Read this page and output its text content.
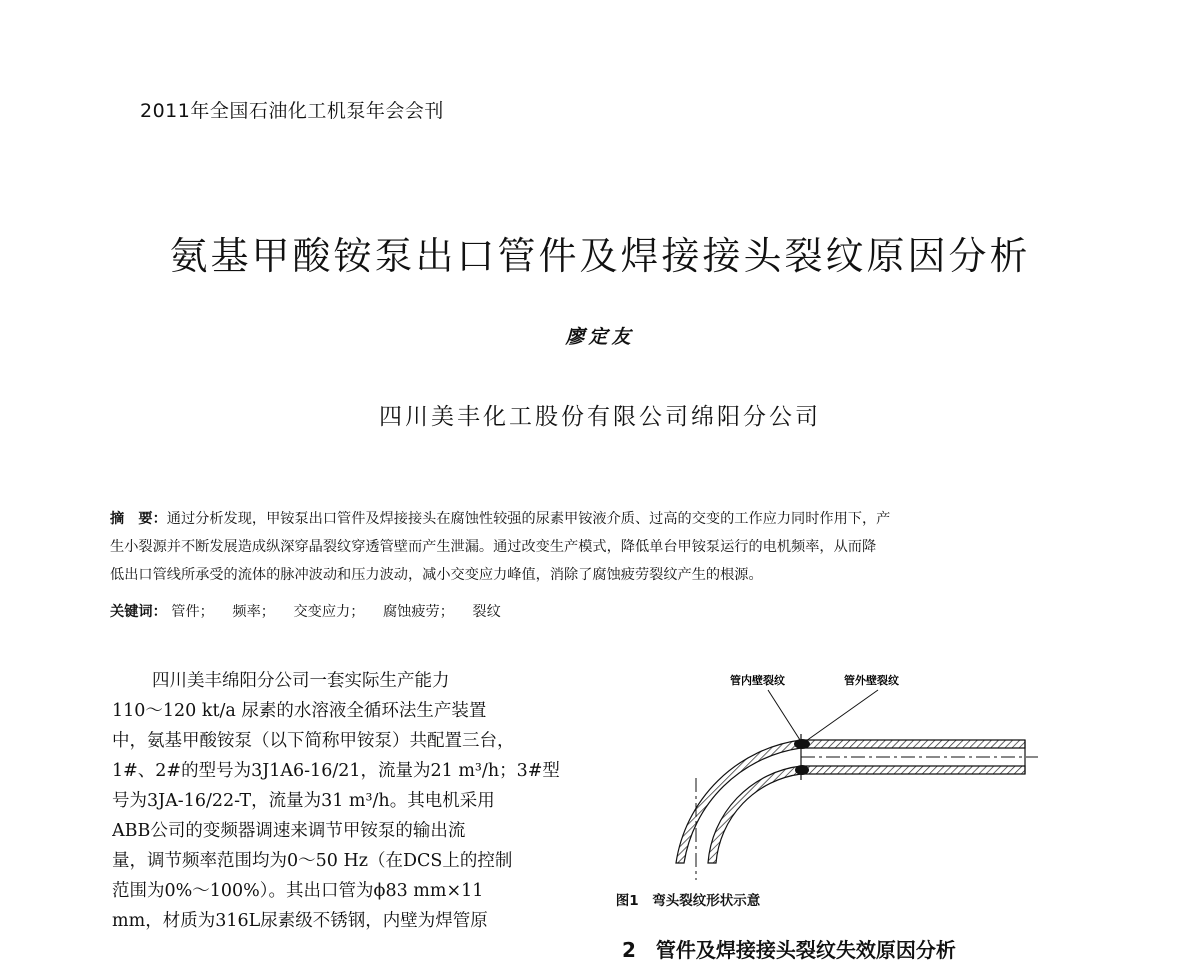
2011年全国石油化工机泵年会会刊
氨基甲酸铵泵出口管件及焊接接头裂纹原因分析
廖定友
四川美丰化工股份有限公司绵阳分公司
摘　要：通过分析发现，甲铵泵出口管件及焊接接头在腐蚀性较强的尿素甲铵液介质、过高的交变的工作应力同时作用下，产
生小裂源并不断发展造成纵深穿晶裂纹穿透管壁而产生泄漏。通过改变生产模式，降低单台甲铵泵运行的电机频率，从而降
低出口管线所承受的流体的脉冲波动和压力波动，减小交变应力峰值，消除了腐蚀疲劳裂纹产生的根源。
关键词： 管件； 频率； 交变应力； 腐蚀疲劳； 裂纹
四川美丰绵阳分公司一套实际生产能力
110～120 kt/a 尿素的水溶液全循环法生产装置
中，氨基甲酸铵泵（以下简称甲铵泵）共配置三台，
1#、2#的型号为3J1A6-16/21，流量为21 m³/h；3#型
号为3JA-16/22-T，流量为31 m³/h。其电机采用
ABB公司的变频器调速来调节甲铵泵的输出流
量，调节频率范围均为0～50 Hz（在DCS上的控制
范围为0%～100%）。其出口管为ϕ83 mm×11
mm，材质为316L尿素级不锈钢，内壁为焊管原
管内壁裂纹	管外壁裂纹
图1　弯头裂纹形状示意
2　管件及焊接接头裂纹失效原因分析
